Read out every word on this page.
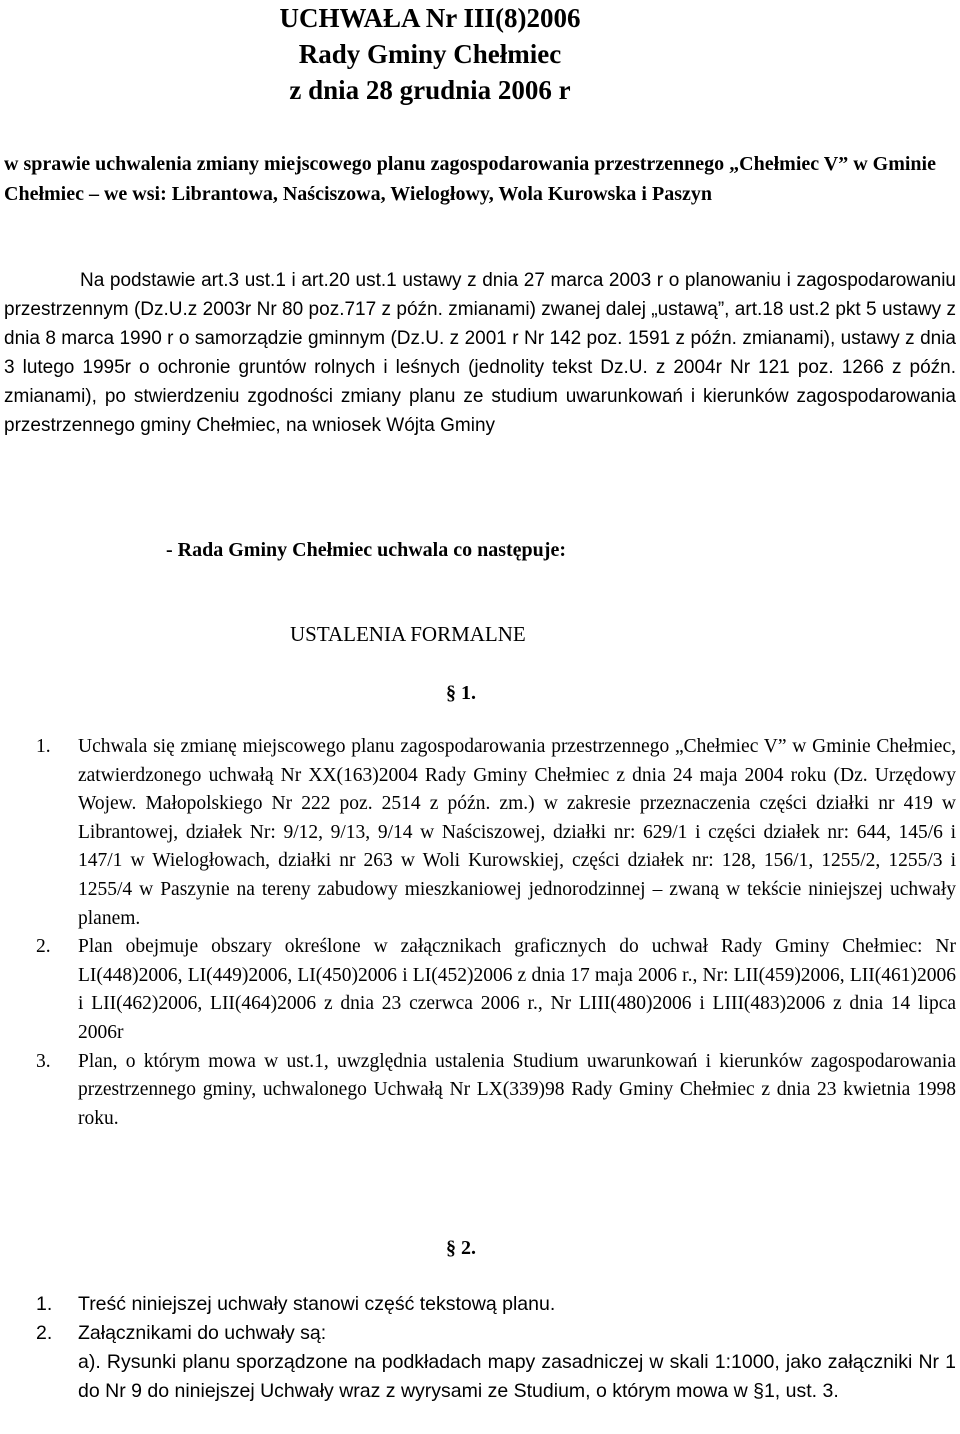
UCHWAŁA Nr III(8)2006
Rady Gminy Chełmiec
z dnia 28 grudnia 2006 r
w sprawie uchwalenia zmiany miejscowego planu zagospodarowania przestrzennego „Chełmiec V” w Gminie Chełmiec – we wsi: Librantowa, Naściszowa, Wielogłowy, Wola Kurowska i Paszyn

Na podstawie art.3 ust.1 i art.20 ust.1 ustawy z dnia 27 marca 2003 r o planowaniu i zagospodarowaniu przestrzennym (Dz.U.z 2003r Nr 80 poz.717 z późn. zmianami) zwanej dalej „ustawą”, art.18 ust.2 pkt 5 ustawy z dnia 8 marca 1990 r o samorządzie gminnym (Dz.U. z 2001 r Nr 142 poz. 1591 z późn. zmianami), ustawy z dnia 3 lutego 1995r o ochronie gruntów rolnych i leśnych (jednolity tekst Dz.U. z 2004r Nr 121 poz. 1266 z późn. zmianami), po stwierdzeniu zgodności zmiany planu ze studium uwarunkowań i kierunków zagospodarowania przestrzennego gminy Chełmiec, na wniosek Wójta Gminy

- Rada Gminy Chełmiec uchwala co następuje:
USTALENIA FORMALNE
§ 1.
1. Uchwala się zmianę miejscowego planu zagospodarowania przestrzennego „Chełmiec V” w Gminie Chełmiec, zatwierdzonego uchwałą Nr XX(163)2004 Rady Gminy Chełmiec z dnia 24 maja 2004 roku (Dz. Urzędowy Wojew. Małopolskiego Nr 222 poz. 2514 z późn. zm.) w zakresie przeznaczenia części działki nr 419 w Librantowej, działek Nr: 9/12, 9/13, 9/14 w Naściszowej, działki nr: 629/1 i części działek nr: 644, 145/6 i 147/1 w Wielogłowach, działki nr 263 w Woli Kurowskiej, części działek nr: 128, 156/1, 1255/2, 1255/3 i 1255/4 w Paszynie na tereny zabudowy mieszkaniowej jednorodzinnej – zwaną w tekście niniejszej uchwały planem.
2. Plan obejmuje obszary określone w załącznikach graficznych do uchwał Rady Gminy Chełmiec: Nr LI(448)2006, LI(449)2006, LI(450)2006 i LI(452)2006 z dnia 17 maja 2006 r., Nr: LII(459)2006, LII(461)2006 i LII(462)2006, LII(464)2006 z dnia 23 czerwca 2006 r., Nr LIII(480)2006 i LIII(483)2006 z dnia 14 lipca 2006r
3. Plan, o którym mowa w ust.1, uwzględnia ustalenia Studium uwarunkowań i kierunków zagospodarowania przestrzennego gminy, uchwalonego Uchwałą Nr LX(339)98 Rady Gminy Chełmiec z dnia 23 kwietnia 1998 roku.
§ 2.
1. Treść niniejszej uchwały stanowi część tekstową planu.
2. Załącznikami do uchwały są:
a). Rysunki planu sporządzone na podkładach mapy zasadniczej w skali 1:1000, jako załączniki Nr 1 do Nr 9 do niniejszej Uchwały wraz z wyrysami ze Studium, o którym mowa w §1, ust. 3.
